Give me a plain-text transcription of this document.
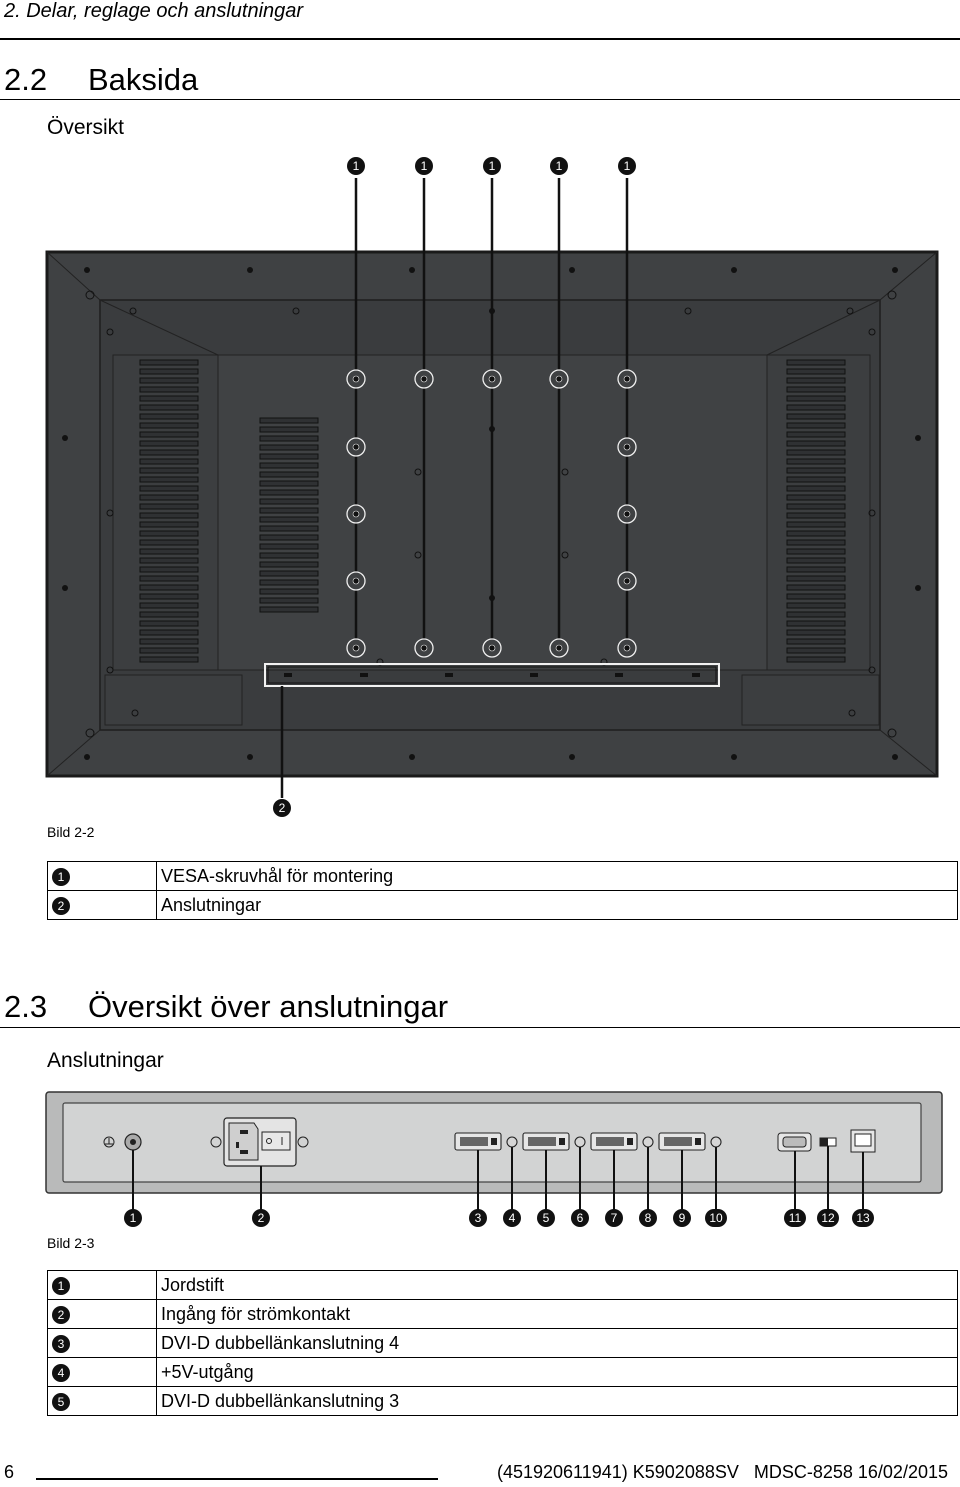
2. Delar, reglage och anslutningar
2.2 Baksida
Översikt
1	1	1	1	1
2
Bild 2-2
1	VESA-skruvhål för montering
2	Anslutningar
2.3 Översikt över anslutningar
Anslutningar
1	2	3	4	5	6	7	8	9	10	11	12	13
Bild 2-3
1	Jordstift
2	Ingång för strömkontakt
3	DVI-D dubbellänkanslutning 4
4	+5V-utgång
5	DVI-D dubbellänkanslutning 3
6	(451920611941) K5902088SV   MDSC-8258 16/02/2015
